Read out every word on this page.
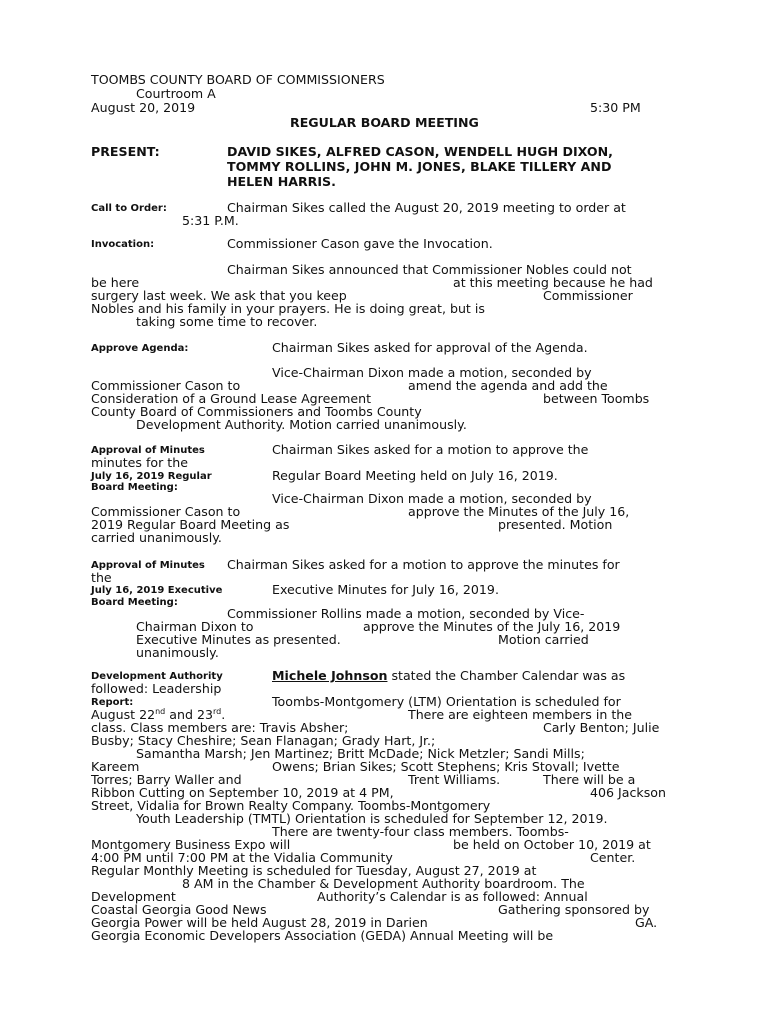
TOOMBS COUNTY BOARD OF COMMISSIONERS
Courtroom A
August 20, 2019	5:30 PM
REGULAR BOARD MEETING
PRESENT:	DAVID SIKES, ALFRED CASON, WENDELL HUGH DIXON,
TOMMY ROLLINS, JOHN M. JONES, BLAKE TILLERY AND
HELEN HARRIS.
Call to Order:	Chairman Sikes called the August 20, 2019 meeting to order at
5:31 P.M.
Invocation:	Commissioner Cason gave the Invocation.
Chairman Sikes announced that Commissioner Nobles could not
be here	at this meeting because he had
surgery last week. We ask that you keep	Commissioner
Nobles and his family in your prayers. He is doing great, but is
taking some time to recover.
Approve Agenda:	Chairman Sikes asked for approval of the Agenda.
Vice-Chairman Dixon made a motion, seconded by
Commissioner Cason to	amend the agenda and add the
Consideration of a Ground Lease Agreement	between Toombs
County Board of Commissioners and Toombs County
Development Authority. Motion carried unanimously.
Approval of Minutes	Chairman Sikes asked for a motion to approve the
minutes for the
July 16, 2019 Regular	Regular Board Meeting held on July 16, 2019.
Board Meeting:
Vice-Chairman Dixon made a motion, seconded by
Commissioner Cason to	approve the Minutes of the July 16,
2019 Regular Board Meeting as	presented. Motion
carried unanimously.
Approval of Minutes Chairman Sikes asked for a motion to approve the minutes for
the
July 16, 2019 Executive	Executive Minutes for July 16, 2019.
Board Meeting:
Commissioner Rollins made a motion, seconded by Vice-
Chairman Dixon to	approve the Minutes of the July 16, 2019
Executive Minutes as presented.	Motion carried
unanimously.
Development Authority	Michele Johnson stated the Chamber Calendar was as
followed: Leadership
Report:	Toombs-Montgomery (LTM) Orientation is scheduled for
August 22nd and 23rd.	There are eighteen members in the
class. Class members are: Travis Absher;	Carly Benton; Julie
Busby; Stacy Cheshire; Sean Flanagan; Grady Hart, Jr.;
Samantha Marsh; Jen Martinez; Britt McDade; Nick Metzler; Sandi Mills;
Kareem	Owens; Brian Sikes; Scott Stephens; Kris Stovall; Ivette
Torres; Barry Waller and	Trent Williams.	There will be a
Ribbon Cutting on September 10, 2019 at 4 PM,	406 Jackson
Street, Vidalia for Brown Realty Company. Toombs-Montgomery
Youth Leadership (TMTL) Orientation is scheduled for September 12, 2019.
There are twenty-four class members. Toombs-
Montgomery Business Expo will	be held on October 10, 2019 at
4:00 PM until 7:00 PM at the Vidalia Community	Center.
Regular Monthly Meeting is scheduled for Tuesday, August 27, 2019 at
8 AM in the Chamber & Development Authority boardroom. The
Development	Authority’s Calendar is as followed: Annual
Coastal Georgia Good News	Gathering sponsored by
Georgia Power will be held August 28, 2019 in Darien	GA.
Georgia Economic Developers Association (GEDA) Annual Meeting will be
